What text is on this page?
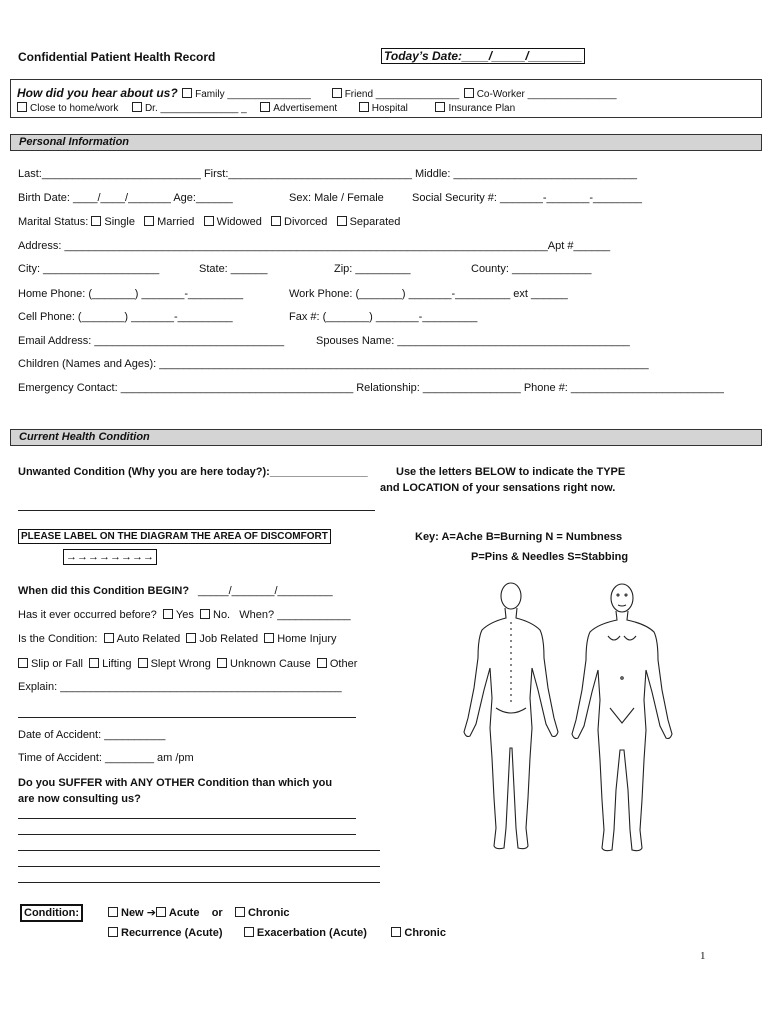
Confidential Patient Health Record	Today’s Date:____/_____/________
How did you hear about us? Family _______________	Friend _______________ Co-Worker ________________
Close to home/work	Dr. ______________ _	Advertisement	Hospital	Insurance Plan
Personal Information
Last:__________________________ First:______________________________ Middle: ______________________________
Birth Date: ____/____/_______ Age:______	Sex: Male / Female	Social Security #: _______-_______-________
Marital Status: Single Married Widowed Divorced Separated
Address: _______________________________________________________________________________Apt #______
City: ___________________	State: ______	Zip: _________	County: _____________
Home Phone: (_______) _______-_________	Work Phone: (_______) _______-_________ ext ______
Cell Phone: (_______) _______-_________	Fax #: (_______) _______-_________
Email Address: _______________________________	Spouses Name: ______________________________________
Children (Names and Ages): ________________________________________________________________________________
Emergency Contact: ______________________________________ Relationship: ________________ Phone #: _________________________
Current Health Condition
Unwanted Condition (Why you are here today?):________________	Use the letters BELOW to indicate the TYPE
and LOCATION of your sensations right now.
PLEASE LABEL ON THE DIAGRAM THE AREA OF DISCOMFORT
→→→→→→→→
Key: A=Ache B=Burning N = Numbness
P=Pins & Needles S=Stabbing
When did this Condition BEGIN? _____/_______/_________
Has it ever occurred before? Yes No. When? ____________
Is the Condition: Auto Related Job Related Home Injury
Slip or Fall Lifting Slept Wrong Unknown Cause Other
Explain: ______________________________________________
Date of Accident: __________
Time of Accident: ________ am /pm
Do you SUFFER with ANY OTHER Condition than which you
are now consulting us?
Condition:	New ➔ Acute or Chronic
Recurrence (Acute)	Exacerbation (Acute)	Chronic
1
